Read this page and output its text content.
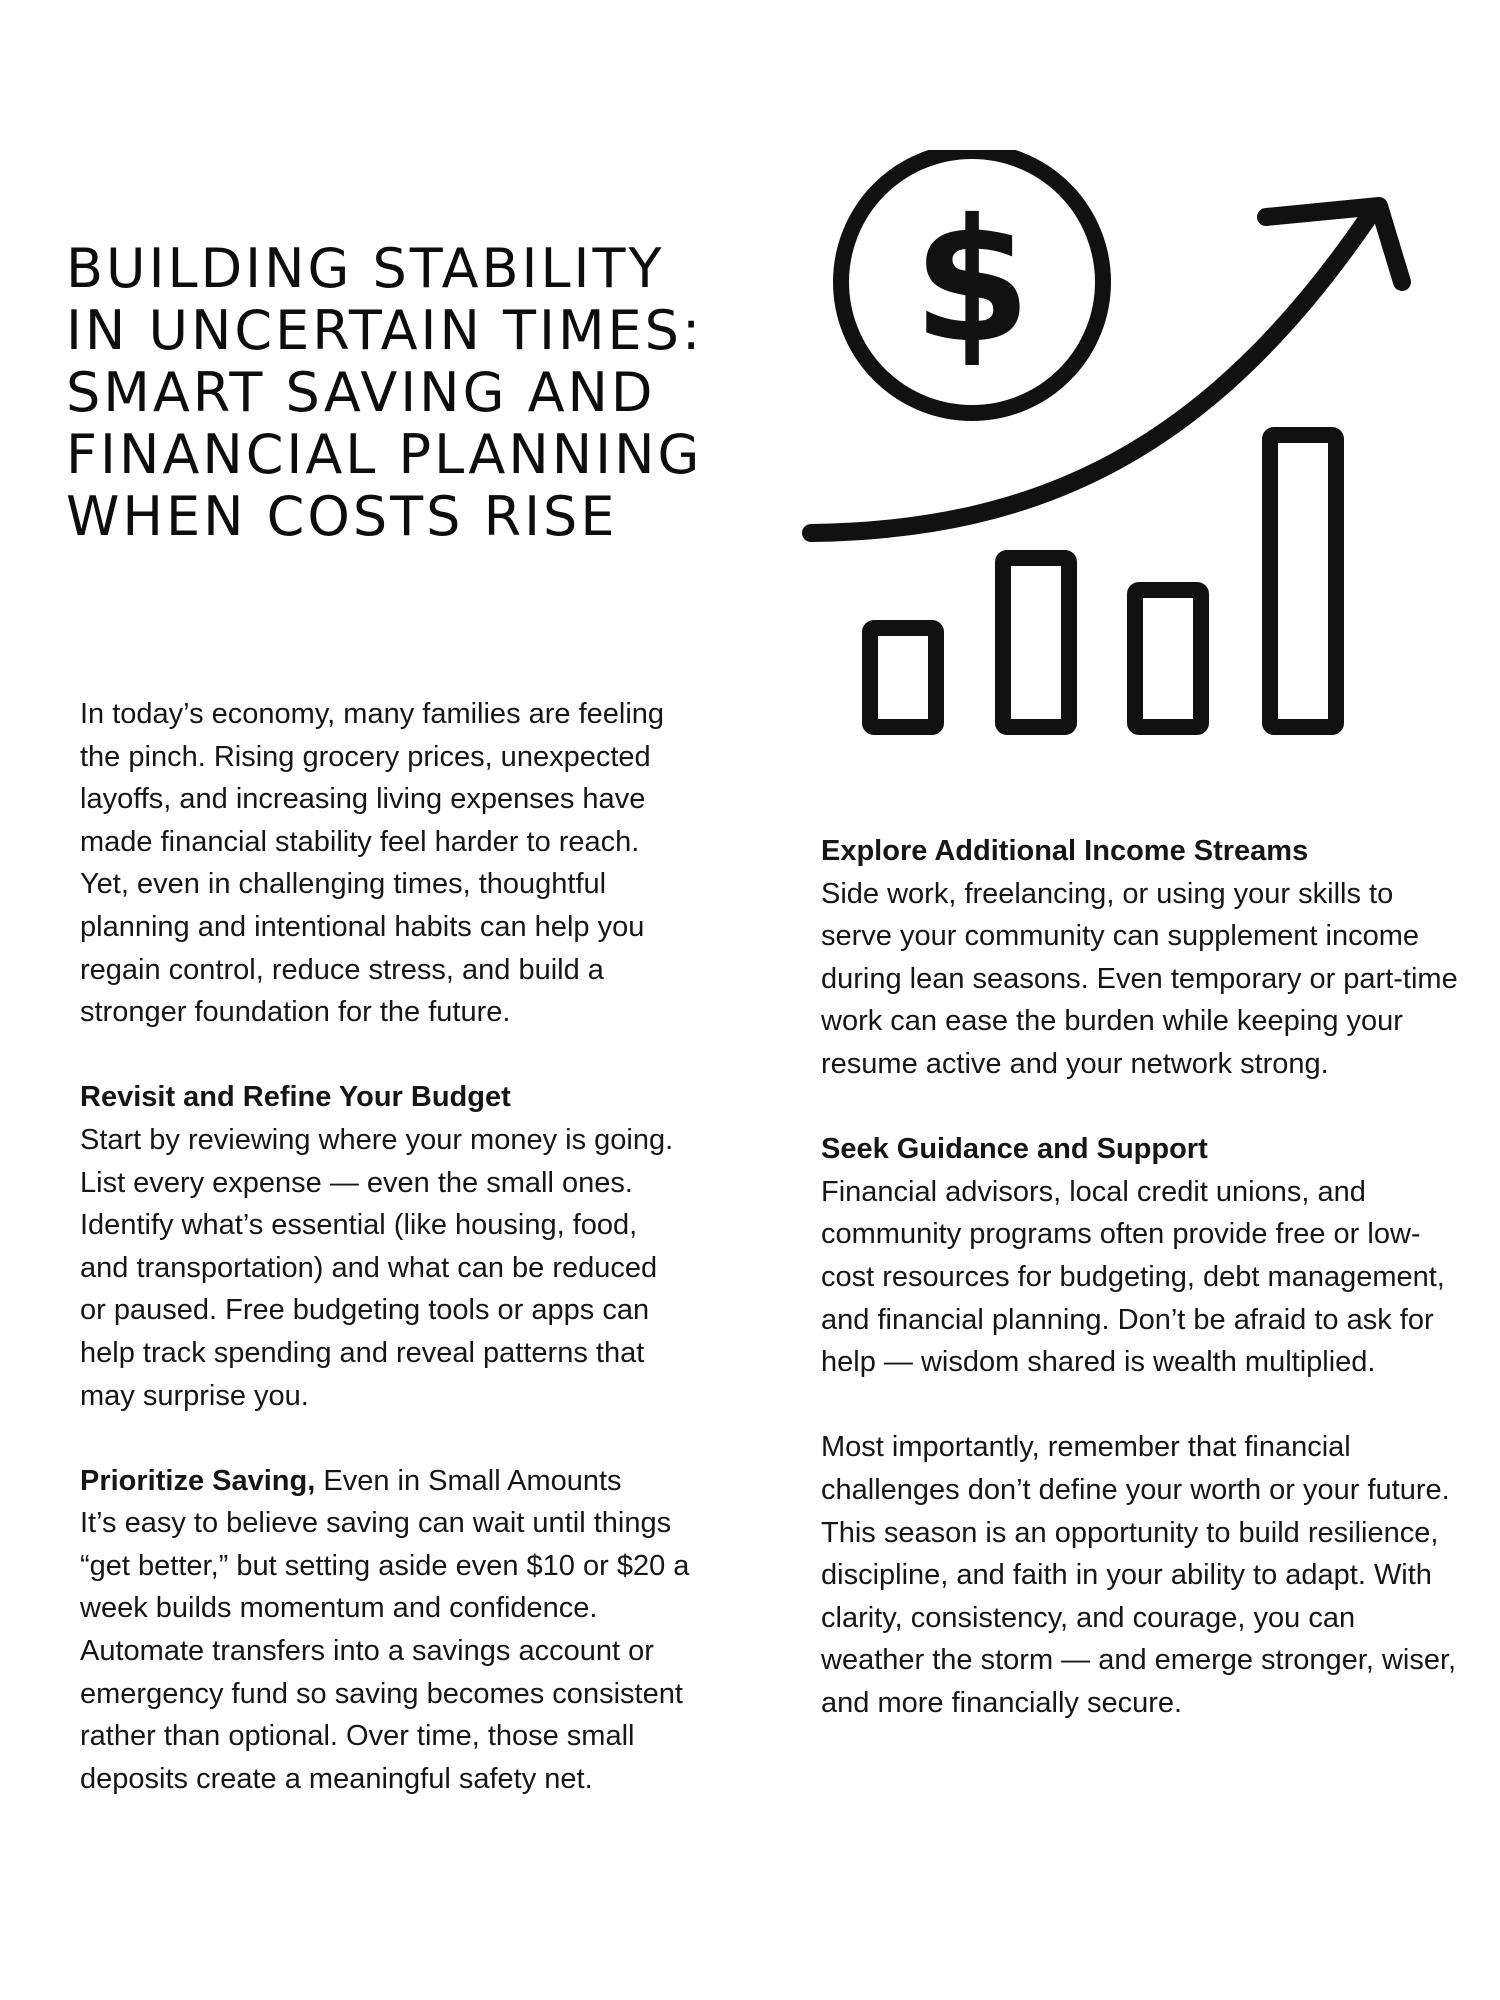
BUILDING STABILITY
IN UNCERTAIN TIMES:
SMART SAVING AND
FINANCIAL PLANNING
WHEN COSTS RISE
$

In today’s economy, many families are feeling the pinch. Rising grocery prices, unexpected layoffs, and increasing living expenses have made financial stability feel harder to reach. Yet, even in challenging times, thoughtful planning and intentional habits can help you regain control, reduce stress, and build a stronger foundation for the future.

Revisit and Refine Your Budget

Start by reviewing where your money is going. List every expense — even the small ones. Identify what’s essential (like housing, food, and transportation) and what can be reduced or paused. Free budgeting tools or apps can help track spending and reveal patterns that may surprise you.

Prioritize Saving, Even in Small Amounts

It’s easy to believe saving can wait until things “get better,” but setting aside even $10 or $20 a week builds momentum and confidence. Automate transfers into a savings account or emergency fund so saving becomes consistent rather than optional. Over time, those small deposits create a meaningful safety net.

Explore Additional Income Streams

Side work, freelancing, or using your skills to serve your community can supplement income during lean seasons. Even temporary or part-time work can ease the burden while keeping your resume active and your network strong.

Seek Guidance and Support

Financial advisors, local credit unions, and community programs often provide free or low-cost resources for budgeting, debt management, and financial planning. Don’t be afraid to ask for help — wisdom shared is wealth multiplied.

Most importantly, remember that financial challenges don’t define your worth or your future. This season is an opportunity to build resilience, discipline, and faith in your ability to adapt. With clarity, consistency, and courage, you can weather the storm — and emerge stronger, wiser, and more financially secure.
